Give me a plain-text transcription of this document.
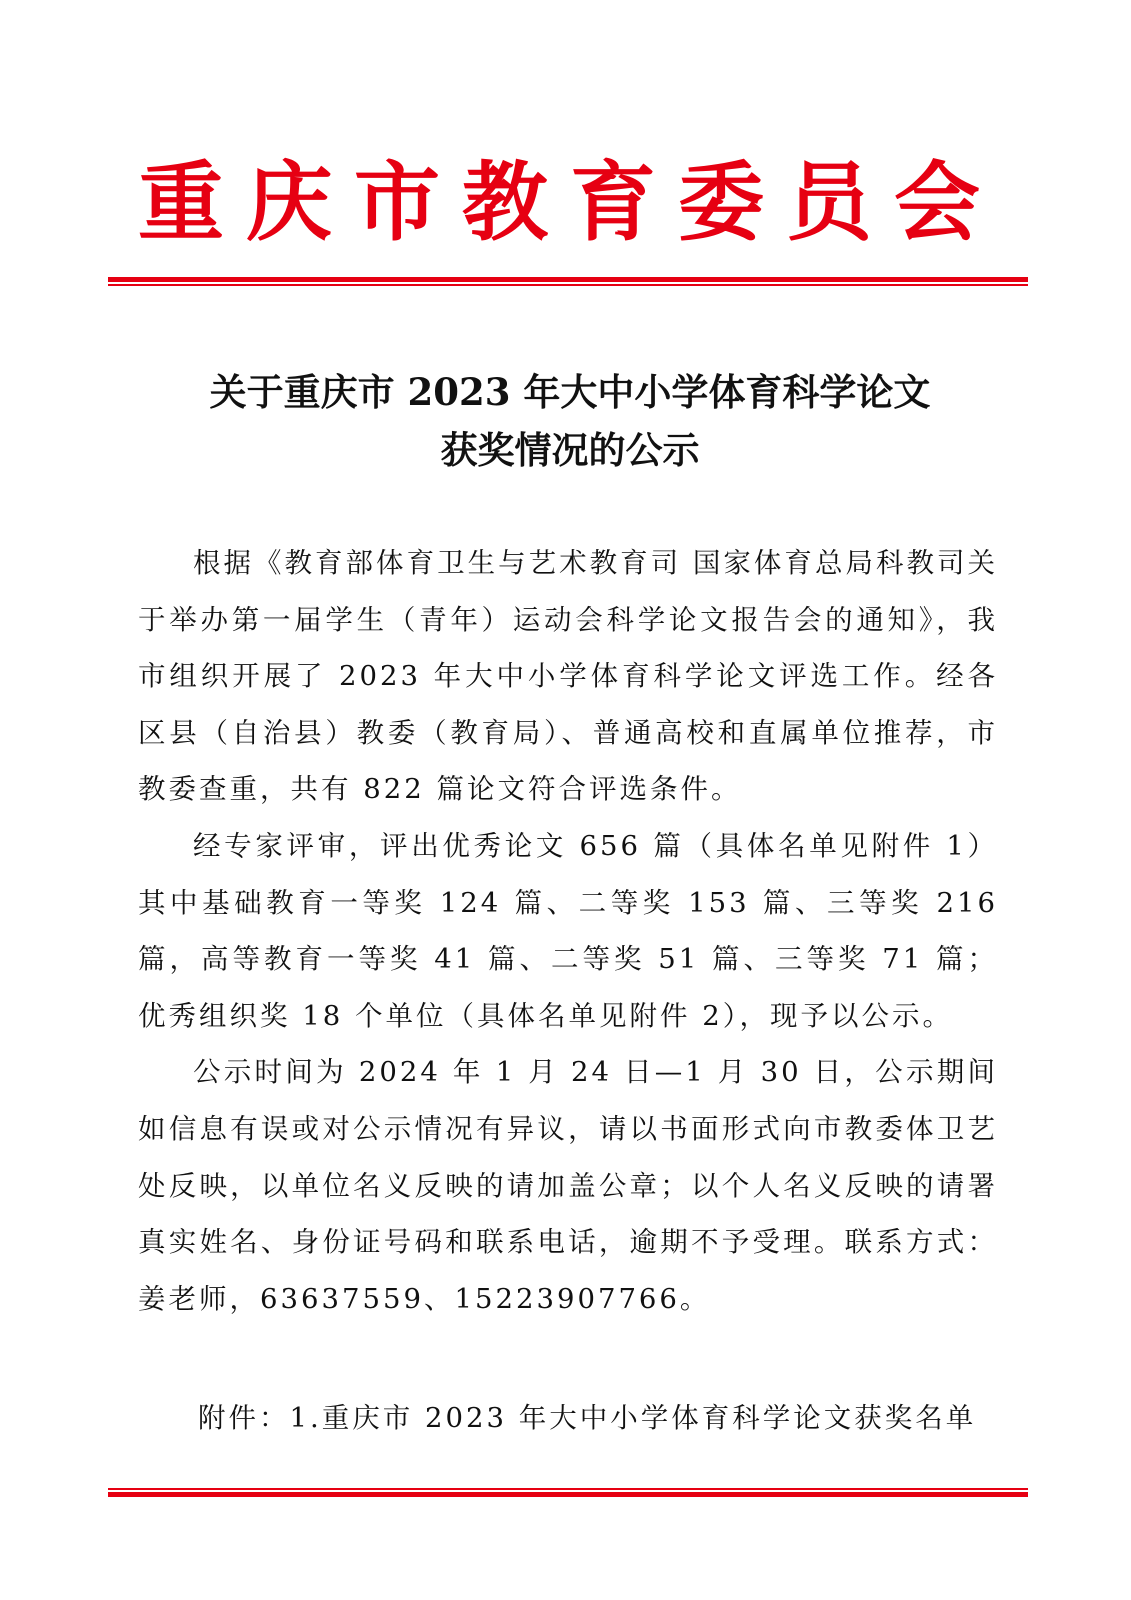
重庆市教育委员会
关于重庆市 2023 年大中小学体育科学论文
获奖情况的公示

根据《教育部体育卫生与艺术教育司 国家体育总局科教司关于举办第一届学生（青年）运动会科学论文报告会的通知》，我市组织开展了 2023 年大中小学体育科学论文评选工作。经各区县（自治县）教委（教育局）、普通高校和直属单位推荐，市教委查重，共有 822 篇论文符合评选条件。

经专家评审，评出优秀论文 656 篇（具体名单见附件 1）其中基础教育一等奖 124 篇、二等奖 153 篇、三等奖 216 篇，高等教育一等奖 41 篇、二等奖 51 篇、三等奖 71 篇；优秀组织奖 18 个单位（具体名单见附件 2），现予以公示。

公示时间为 2024 年 1 月 24 日—1 月 30 日，公示期间如信息有误或对公示情况有异议，请以书面形式向市教委体卫艺处反映，以单位名义反映的请加盖公章；以个人名义反映的请署真实姓名、身份证号码和联系电话，逾期不予受理。联系方式：姜老师，63637559、15223907766。

附件：1.重庆市 2023 年大中小学体育科学论文获奖名单
